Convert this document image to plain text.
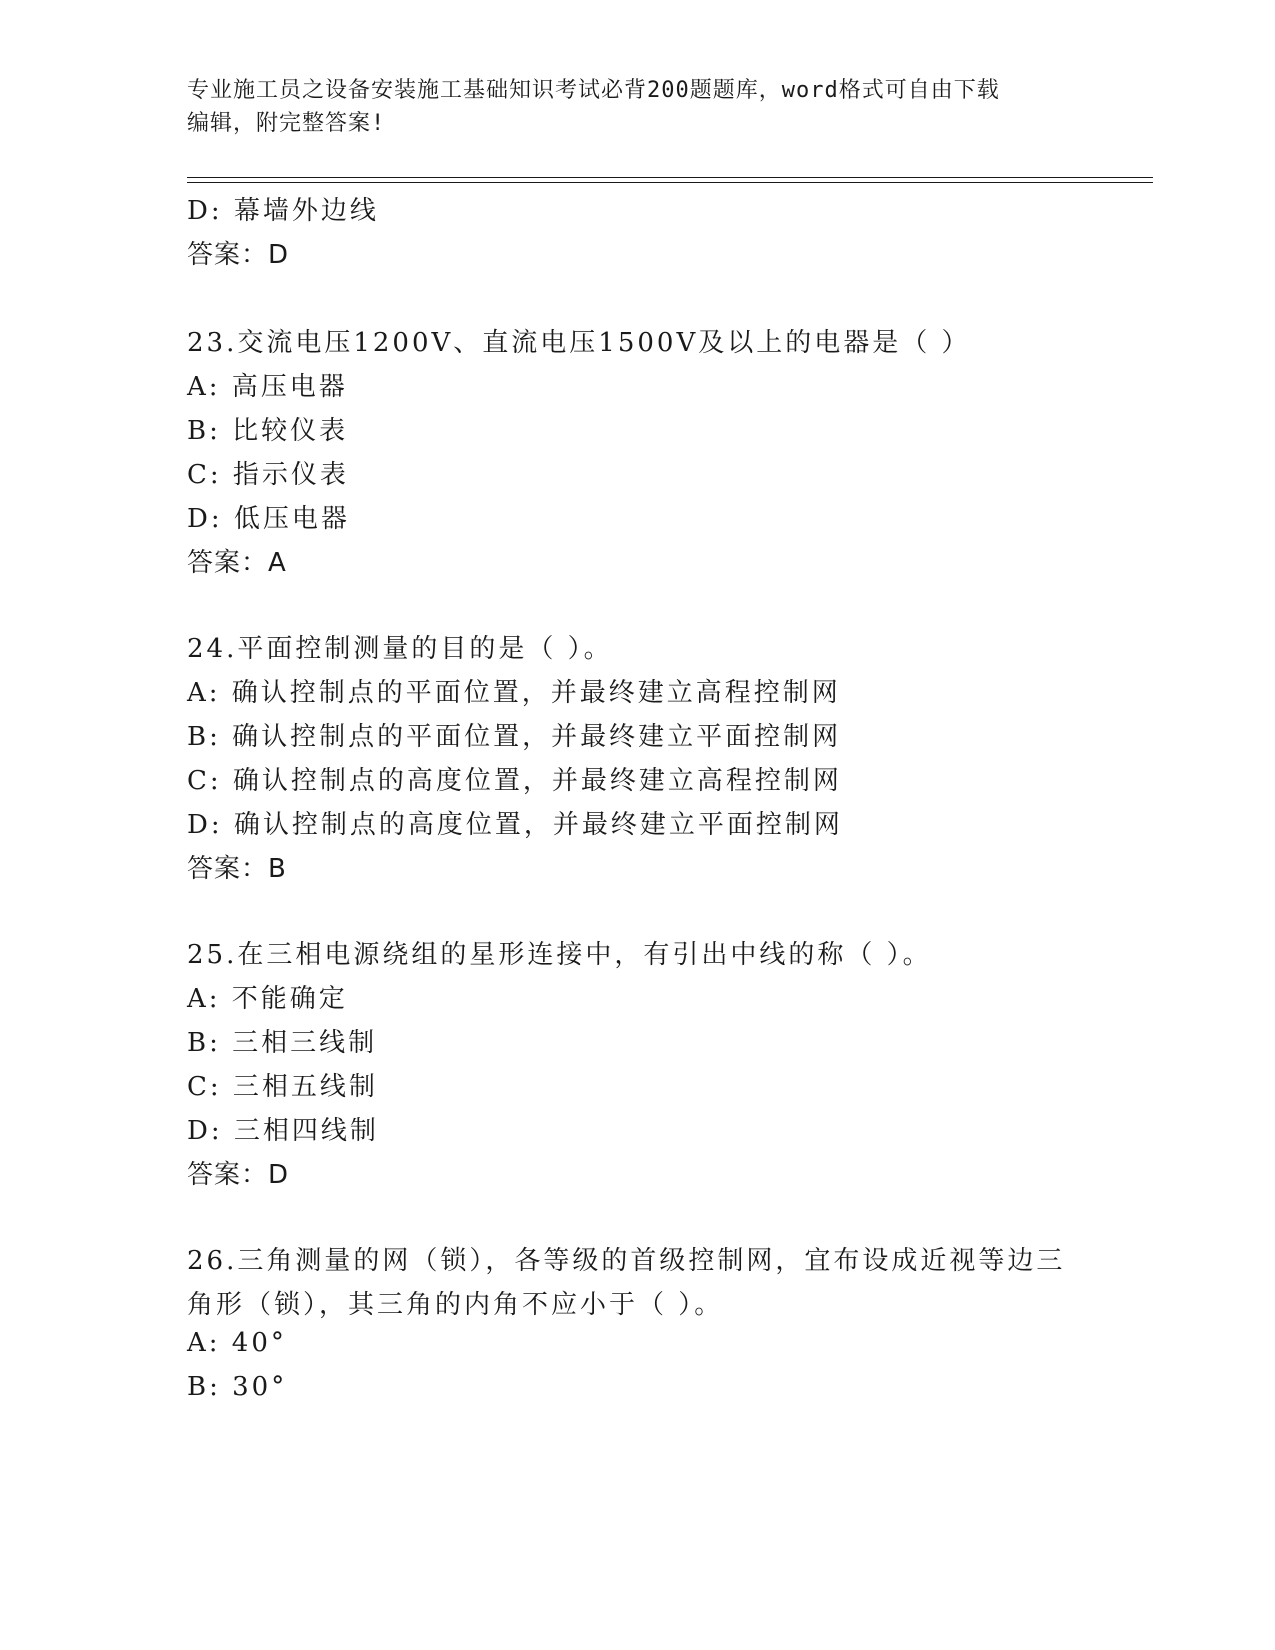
专业施工员之设备安装施工基础知识考试必背200题题库，word格式可自由下载
编辑，附完整答案!
D: 幕墙外边线
答案：D
23.交流电压1200V、直流电压1500V及以上的电器是（ ）
A: 高压电器
B: 比较仪表
C: 指示仪表
D: 低压电器
答案：A
24.平面控制测量的目的是（ ）。
A: 确认控制点的平面位置，并最终建立高程控制网
B: 确认控制点的平面位置，并最终建立平面控制网
C: 确认控制点的高度位置，并最终建立高程控制网
D: 确认控制点的高度位置，并最终建立平面控制网
答案：B
25.在三相电源绕组的星形连接中，有引出中线的称（ ）。
A: 不能确定
B: 三相三线制
C: 三相五线制
D: 三相四线制
答案：D
26.三角测量的网（锁），各等级的首级控制网，宜布设成近视等边三
角形（锁），其三角的内角不应小于（ ）。
A: 40°
B: 30°
